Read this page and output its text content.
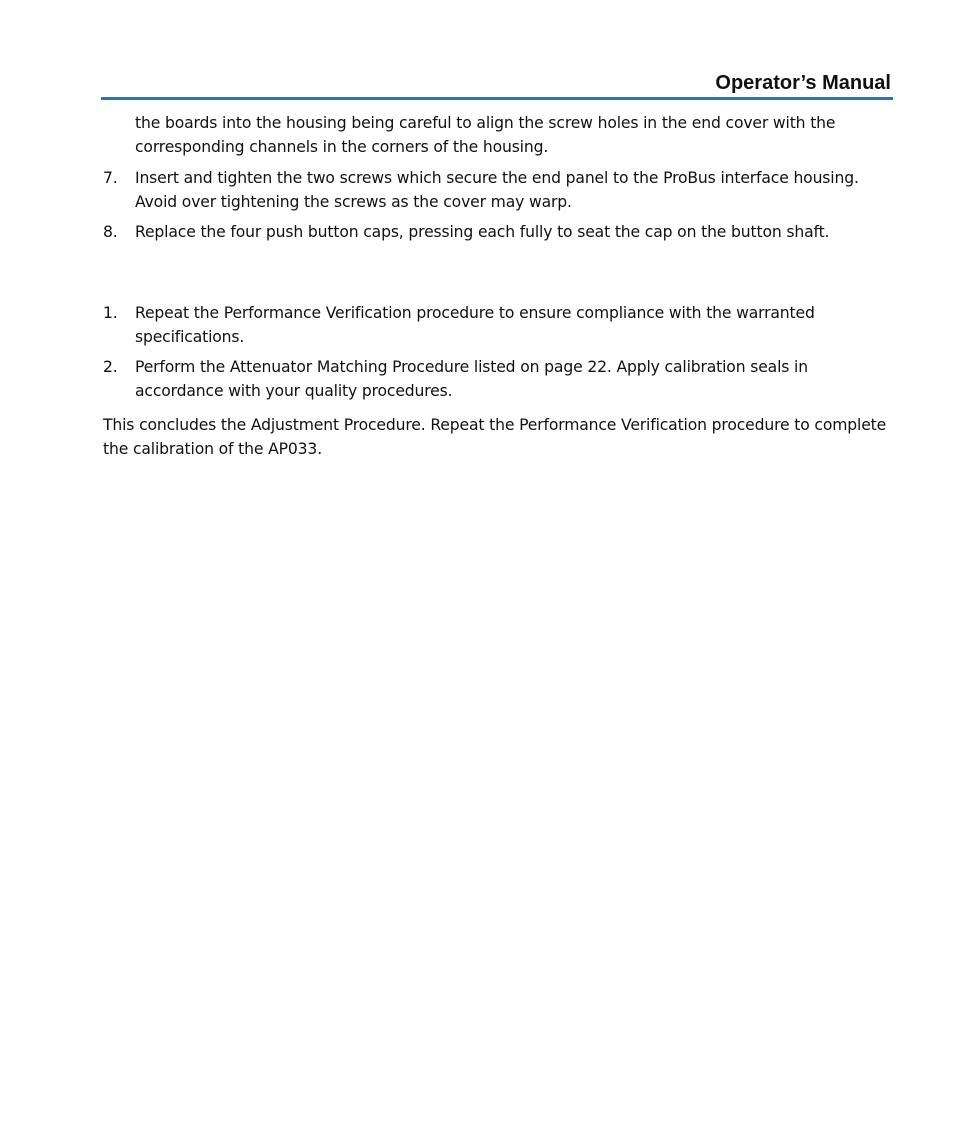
Operator’s Manual
the boards into the housing being careful to align the screw holes in the end cover with the corresponding channels in the corners of the housing.
7.	Insert and tighten the two screws which secure the end panel to the ProBus interface housing. Avoid over tightening the screws as the cover may warp.
8.	Replace the four push button caps, pressing each fully to seat the cap on the button shaft.
1.	Repeat the Performance Verification procedure to ensure compliance with the warranted specifications.
2.	Perform the Attenuator Matching Procedure listed on page 22. Apply calibration seals in accordance with your quality procedures.
This concludes the Adjustment Procedure. Repeat the Performance Verification procedure to complete the calibration of the AP033.
